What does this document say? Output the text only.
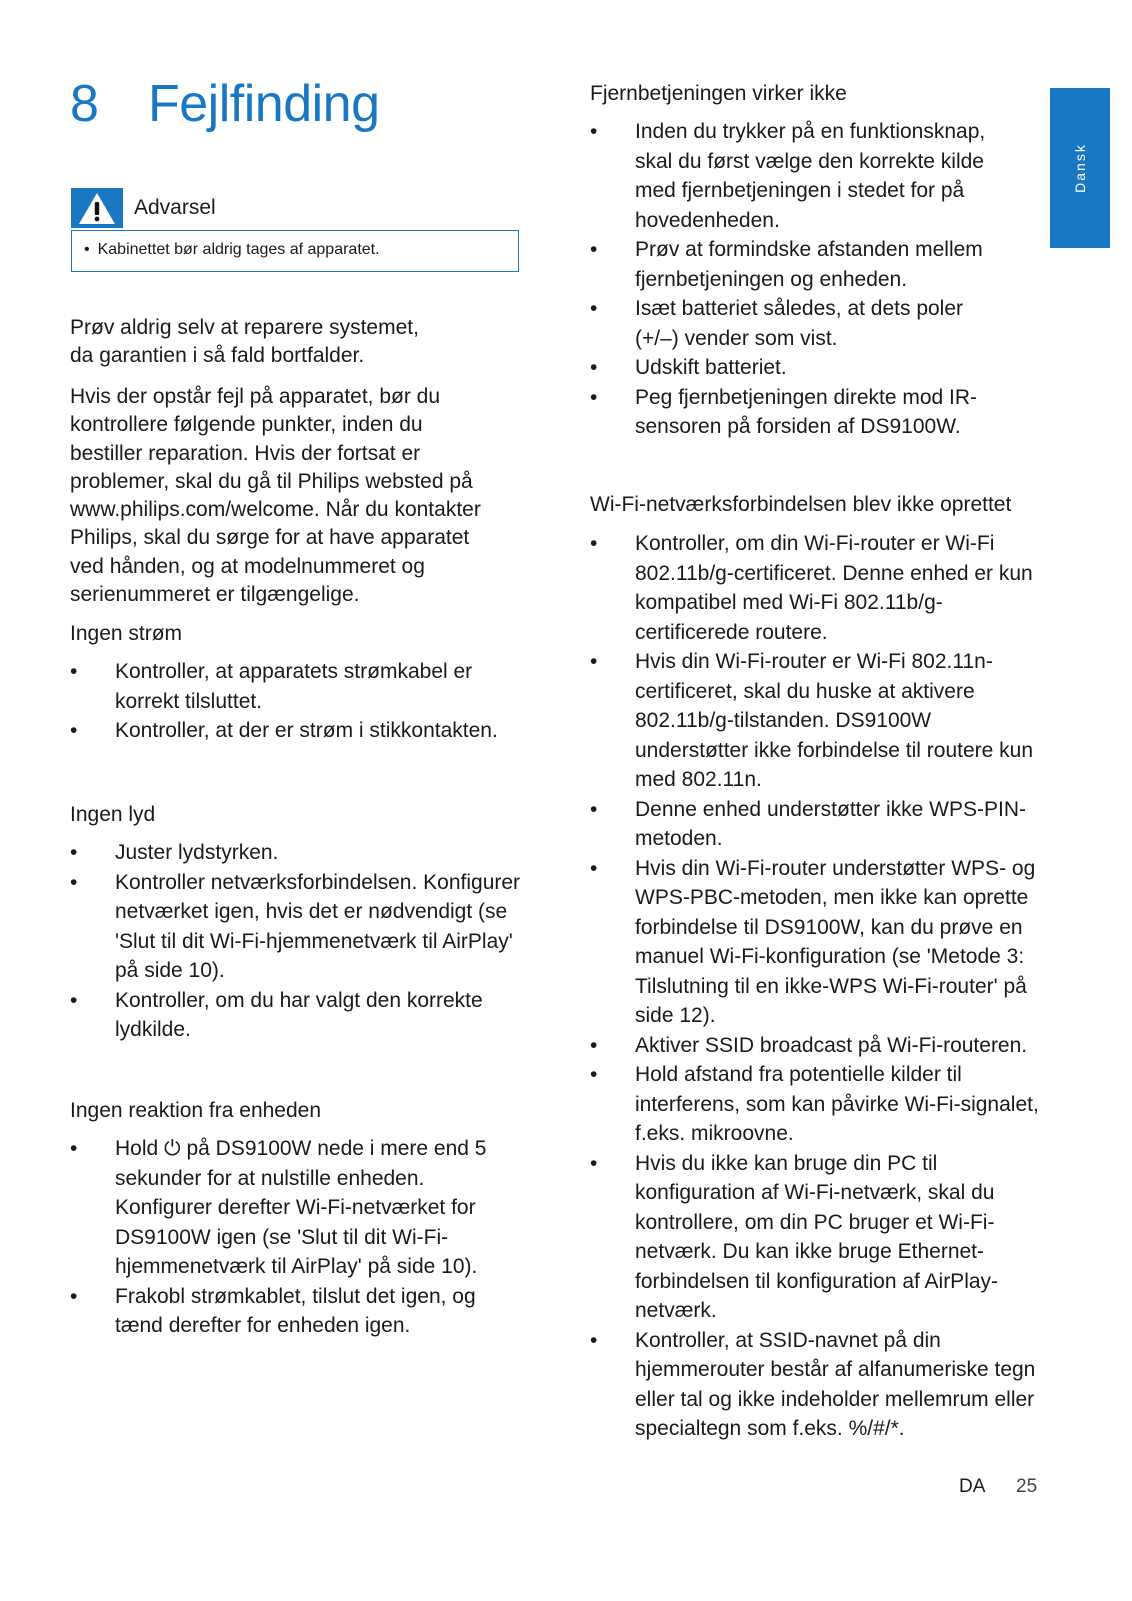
8 Fejlfinding
Advarsel
• Kabinettet bør aldrig tages af apparatet.

Prøv aldrig selv at reparere systemet, da garantien i så fald bortfalder.

Hvis der opstår fejl på apparatet, bør du kontrollere følgende punkter, inden du bestiller reparation. Hvis der fortsat er problemer, skal du gå til Philips websted på www.philips.com/welcome. Når du kontakter Philips, skal du sørge for at have apparatet ved hånden, og at modelnummeret og serienummeret er tilgængelige.

Ingen strøm
• Kontroller, at apparatets strømkabel er korrekt tilsluttet.
• Kontroller, at der er strøm i stikkontakten.
Ingen lyd
• Juster lydstyrken.
• Kontroller netværksforbindelsen. Konfigurer netværket igen, hvis det er nødvendigt (se 'Slut til dit Wi-Fi-hjemmenetværk til AirPlay' på side 10).
• Kontroller, om du har valgt den korrekte lydkilde.
Ingen reaktion fra enheden
• Hold ⏻ på DS9100W nede i mere end 5 sekunder for at nulstille enheden. Konfigurer derefter Wi-Fi-netværket for DS9100W igen (se 'Slut til dit Wi-Fi-hjemmenetværk til AirPlay' på side 10).
• Frakobl strømkablet, tilslut det igen, og tænd derefter for enheden igen.
Fjernbetjeningen virker ikke
• Inden du trykker på en funktionsknap, skal du først vælge den korrekte kilde med fjernbetjeningen i stedet for på hovedenheden.
• Prøv at formindske afstanden mellem fjernbetjeningen og enheden.
• Isæt batteriet således, at dets poler (+/–) vender som vist.
• Udskift batteriet.
• Peg fjernbetjeningen direkte mod IR-sensoren på forsiden af DS9100W.
Wi-Fi-netværksforbindelsen blev ikke oprettet
• Kontroller, om din Wi-Fi-router er Wi-Fi 802.11b/g-certificeret. Denne enhed er kun kompatibel med Wi-Fi 802.11b/g-certificerede routere.
• Hvis din Wi-Fi-router er Wi-Fi 802.11n-certificeret, skal du huske at aktivere 802.11b/g-tilstanden. DS9100W understøtter ikke forbindelse til routere kun med 802.11n.
• Denne enhed understøtter ikke WPS-PIN-metoden.
• Hvis din Wi-Fi-router understøtter WPS- og WPS-PBC-metoden, men ikke kan oprette forbindelse til DS9100W, kan du prøve en manuel Wi-Fi-konfiguration (se 'Metode 3: Tilslutning til en ikke-WPS Wi-Fi-router' på side 12).
• Aktiver SSID broadcast på Wi-Fi-routeren.
• Hold afstand fra potentielle kilder til interferens, som kan påvirke Wi-Fi-signalet, f.eks. mikroovne.
• Hvis du ikke kan bruge din PC til konfiguration af Wi-Fi-netværk, skal du kontrollere, om din PC bruger et Wi-Fi-netværk. Du kan ikke bruge Ethernet-forbindelsen til konfiguration af AirPlay-netværk.
• Kontroller, at SSID-navnet på din hjemmerouter består af alfanumeriske tegn eller tal og ikke indeholder mellemrum eller specialtegn som f.eks. %/#/*.
Dansk
DA 25
